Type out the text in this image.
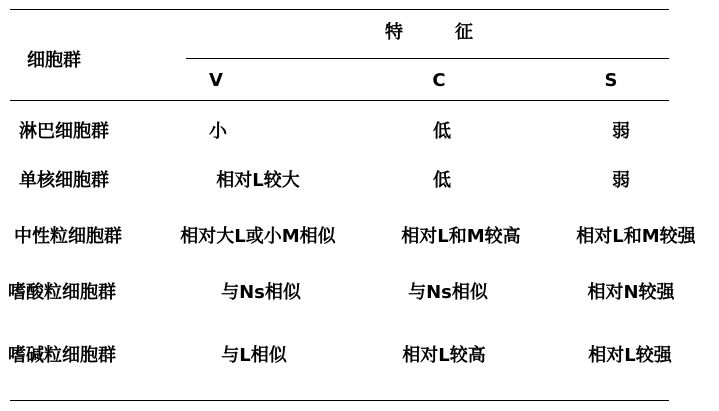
细胞群
特	征
V	C	S
淋巴细胞群	小	低	弱
单核细胞群	相对L较大	低	弱
中性粒细胞群	相对大L或小M相似	相对L和M较高	相对L和M较强
嗜酸粒细胞群	与Ns相似	与Ns相似	相对N较强
嗜碱粒细胞群	与L相似	相对L较高	相对L较强
